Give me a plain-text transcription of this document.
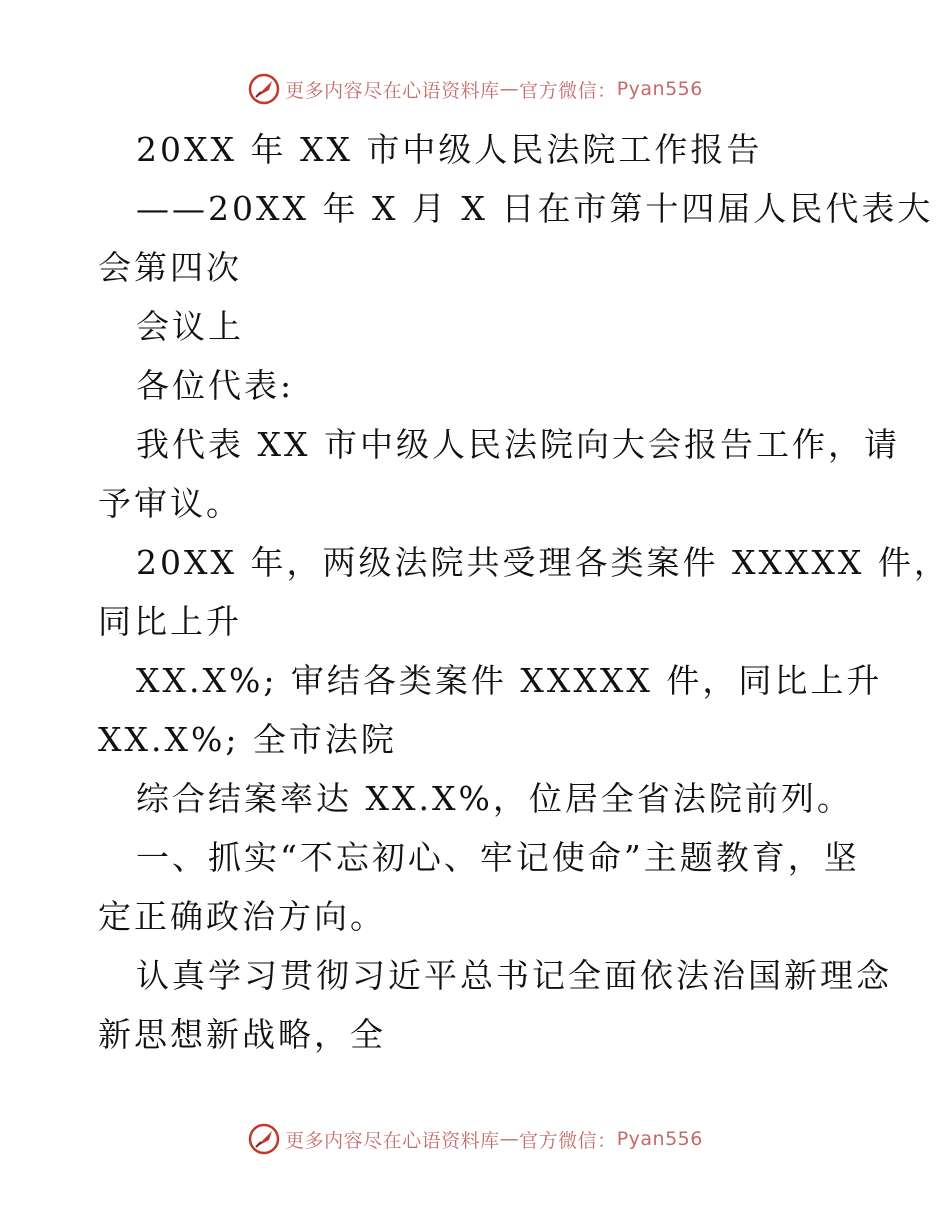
更多内容尽在心语资料库 — 官方微信： Pyan556
20XX 年 XX 市中级人民法院工作报告
——20XX 年 X 月 X 日在市第十四届人民代表大
会第四次
会议上
各位代表:
我代表 XX 市中级人民法院向大会报告工作，请
予审议。
20XX 年，两级法院共受理各类案件 XXXXX 件，
同比上升
XX.X%; 审结各类案件 XXXXX 件，同比上升
XX.X%; 全市法院
综合结案率达 XX.X%，位居全省法院前列。
一、抓实“不忘初心、牢记使命”主题教育，坚
定正确政治方向。
认真学习贯彻习近平总书记全面依法治国新理念
新思想新战略，全
更多内容尽在心语资料库 — 官方微信： Pyan556
